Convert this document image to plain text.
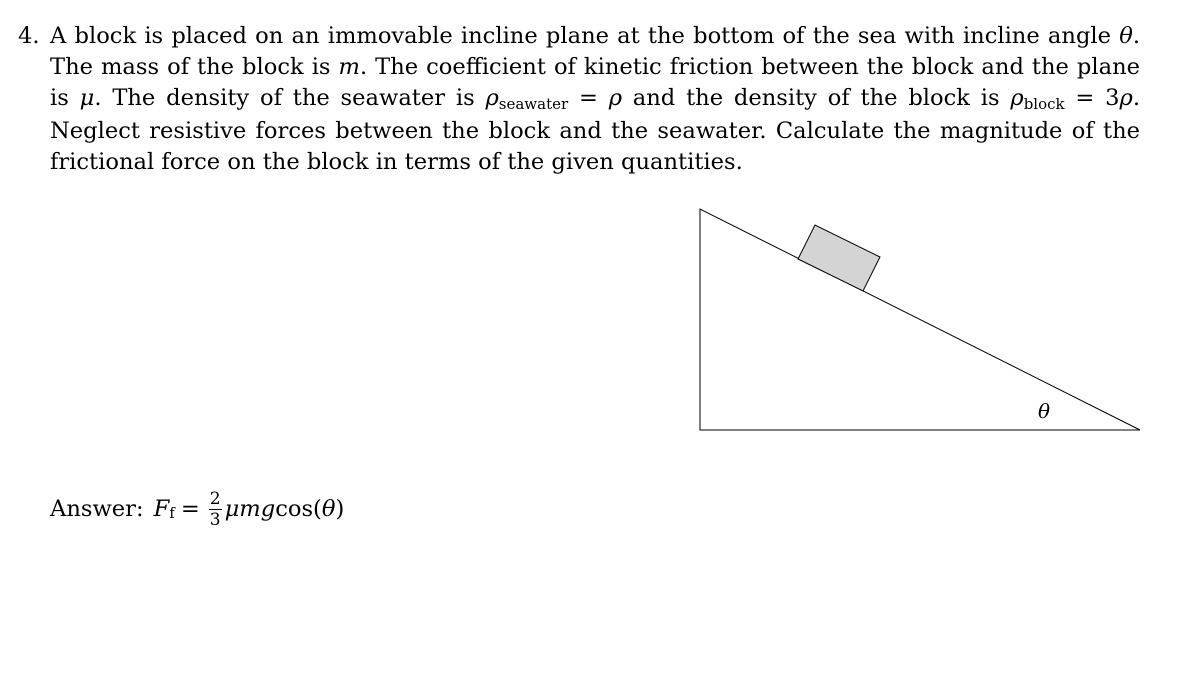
4. A block is placed on an immovable incline plane at the bottom of the sea with incline angle θ. The mass of the block is m. The coefficient of kinetic friction between the block and the plane is μ. The density of the seawater is ρseawater = ρ and the density of the block is ρblock = 3ρ. Neglect resistive forces between the block and the seawater. Calculate the magnitude of the frictional force on the block in terms of the given quantities.
θ
Answer: F $f = \frac{2}{3}$ μmg cos( θ )
